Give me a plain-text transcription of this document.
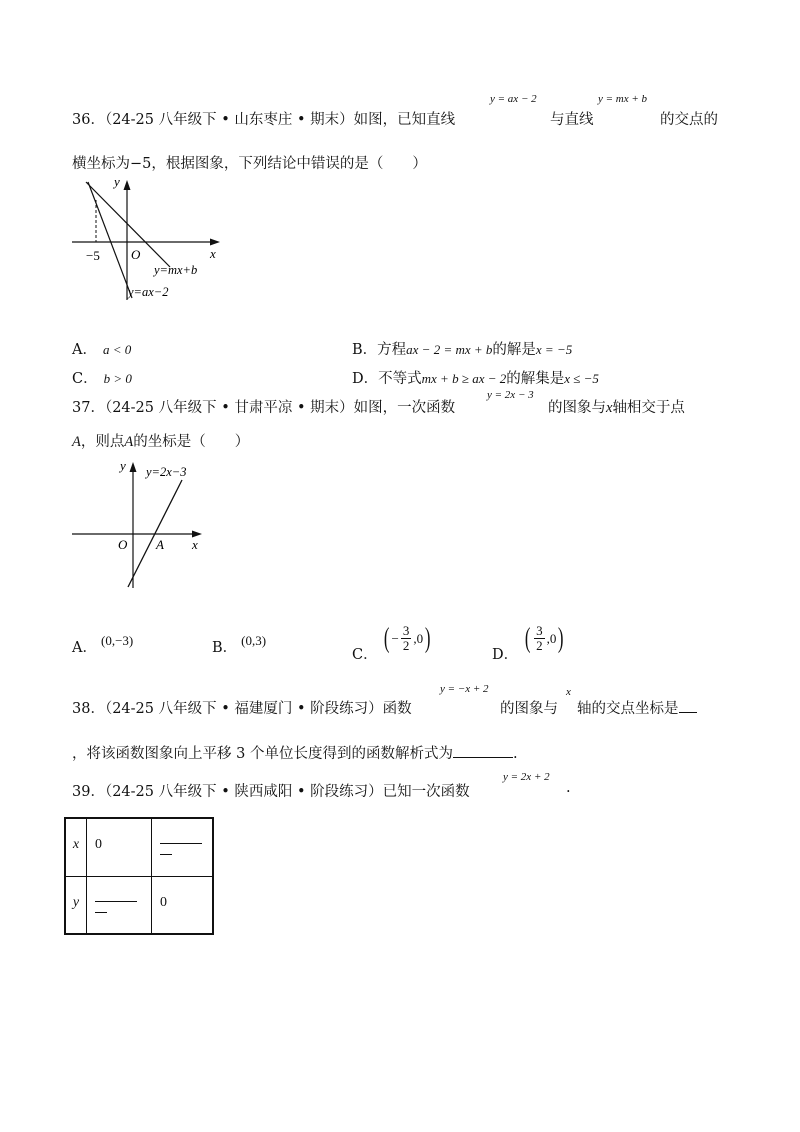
36．（24-25 八年级下 • 山东枣庄 • 期末）如图，已知直线
y = ax − 2
与直线
y = mx + b
的交点的
横坐标为−5，根据图象，下列结论中错误的是（　　）
y
x
O
−5
y=mx+b
y=ax−2
A． a < 0	B．方程ax − 2 = mx + b的解是x = −5
C． b > 0	D．不等式mx + b ≥ ax − 2的解集是x ≤ −5
37．（24-25 八年级下 • 甘肃平凉 • 期末）如图，一次函数
y = 2x − 3
的图象与x轴相交于点
A，则点A的坐标是（　　）
y
x
O A
y=2x−3
A． (0,−3)	B． (0,3)
C．
( − $\frac{3}{2} ,0$ )
D．
( $\frac{3}{2} ,0$ )
38．（24-25 八年级下 • 福建厦门 • 阶段练习）函数
y = −x + 2
的图象与
x
轴的交点坐标是
，将该函数图象向上平移 3 个单位长度得到的函数解析式为	.
39．（24-25 八年级下 • 陕西咸阳 • 阶段练习）已知一次函数
y = 2x + 2
.
x	0	

y		0
